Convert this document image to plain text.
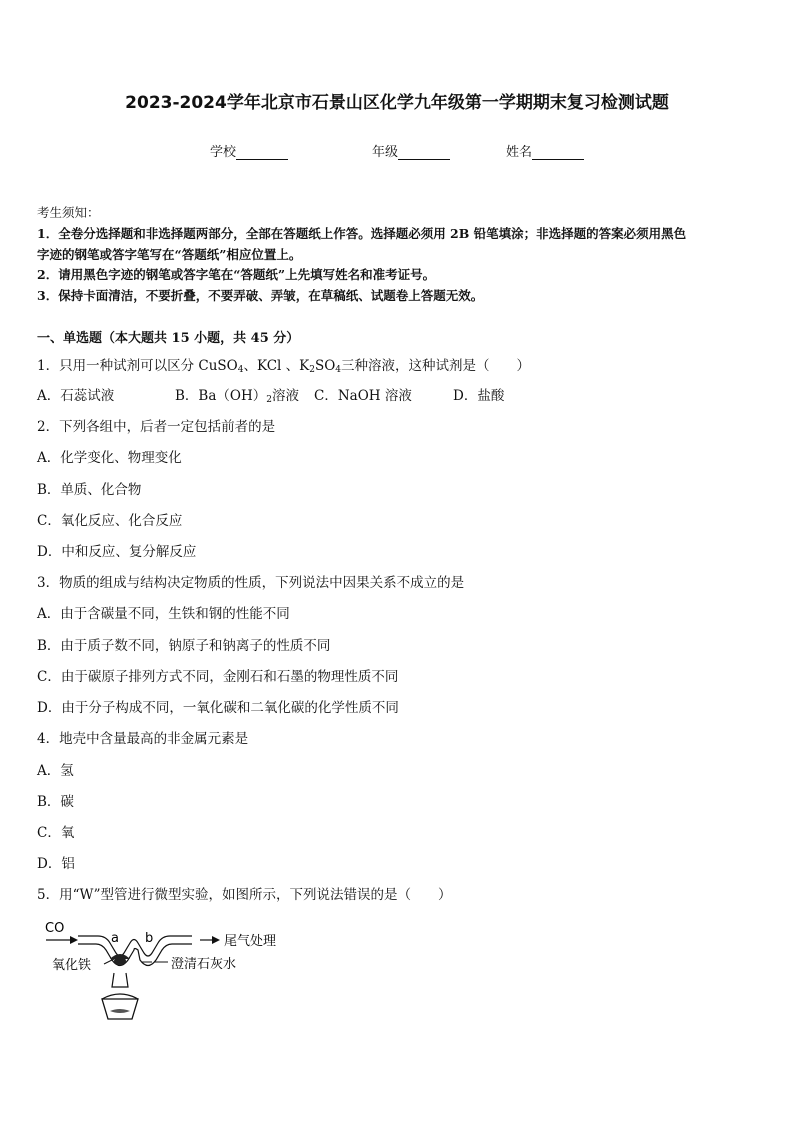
2023-2024学年北京市石景山区化学九年级第一学期期末复习检测试题
学校	年级	姓名
考生须知：
1．全卷分选择题和非选择题两部分，全部在答题纸上作答。选择题必须用 2B 铅笔填涂；非选择题的答案必须用黑色
字迹的钢笔或答字笔写在“答题纸”相应位置上。
2．请用黑色字迹的钢笔或答字笔在“答题纸”上先填写姓名和准考证号。
3．保持卡面清洁，不要折叠，不要弄破、弄皱，在草稿纸、试题卷上答题无效。
一、单选题（本大题共 15 小题，共 45 分）
1．只用一种试剂可以区分 CuSO$_4$、KCl 、$K_2SO_4$三种溶液，这种试剂是（　　）
A．石蕊试液	B．$Ba(OH)_2$溶液 C．NaOH 溶液	D．盐酸
2．下列各组中，后者一定包括前者的是
A．化学变化、物理变化
B．单质、化合物
C．氧化反应、化合反应
D．中和反应、复分解反应
3．物质的组成与结构决定物质的性质，下列说法中因果关系不成立的是
A．由于含碳量不同，生铁和钢的性能不同
B．由于质子数不同，钠原子和钠离子的性质不同
C．由于碳原子排列方式不同，金刚石和石墨的物理性质不同
D．由于分子构成不同，一氧化碳和二氧化碳的化学性质不同
4．地壳中含量最高的非金属元素是
A．氢
B．碳
C．氧
D．铝
5．用“W”型管进行微型实验，如图所示，下列说法错误的是（　　）
CO
a b	尾气处理
氧化铁	澄清石灰水
